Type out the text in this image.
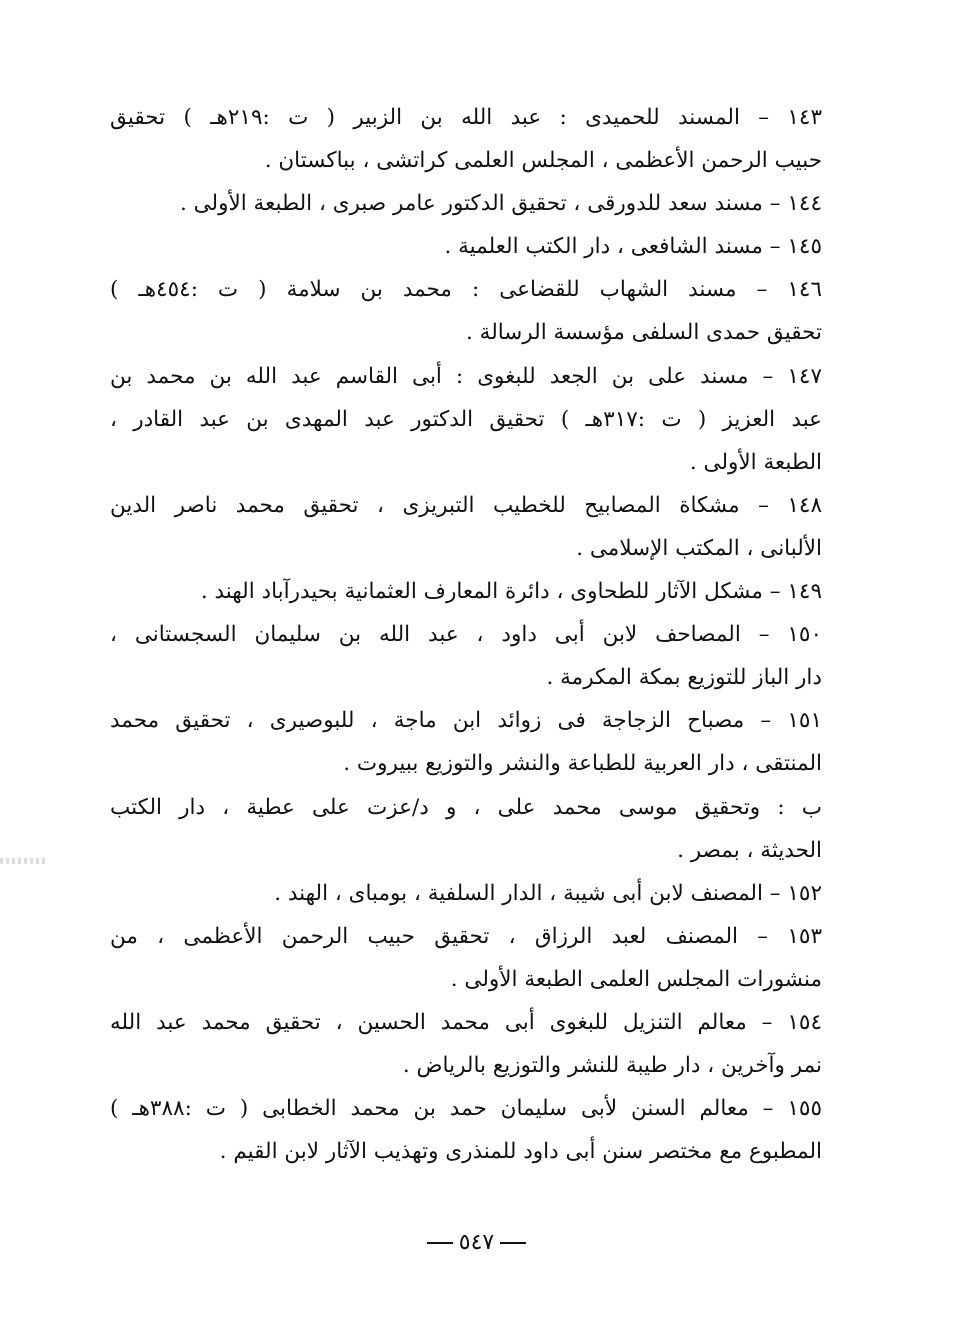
١٤٣ – المسند للحميدى : عبد الله بن الزبير ( ت :٢١٩هـ ) تحقيق
حبيب الرحمن الأعظمى ، المجلس العلمى كراتشى ، بباكستان .
١٤٤ – مسند سعد للدورقى ، تحقيق الدكتور عامر صبرى ، الطبعة الأولى .
١٤٥ – مسند الشافعى ، دار الكتب العلمية .
١٤٦ – مسند الشهاب للقضاعى : محمد بن سلامة ( ت :٤٥٤هـ )
تحقيق حمدى السلفى مؤسسة الرسالة .
١٤٧ – مسند على بن الجعد للبغوى : أبى القاسم عبد الله بن محمد بن
عبد العزيز ( ت :٣١٧هـ ) تحقيق الدكتور عبد المهدى بن عبد القادر ،
الطبعة الأولى .
١٤٨ – مشكاة المصابيح للخطيب التبريزى ، تحقيق محمد ناصر الدين
الألبانى ، المكتب الإسلامى .
١٤٩ – مشكل الآثار للطحاوى ، دائرة المعارف العثمانية بحيدرآباد الهند .
١٥٠ – المصاحف لابن أبى داود ، عبد الله بن سليمان السجستانى ،
دار الباز للتوزيع بمكة المكرمة .
١٥١ – مصباح الزجاجة فى زوائد ابن ماجة ، للبوصيرى ، تحقيق محمد
المنتقى ، دار العربية للطباعة والنشر والتوزيع ببيروت .
ب : وتحقيق موسى محمد على ، و د/عزت على عطية ، دار الكتب
الحديثة ، بمصر .
١٥٢ – المصنف لابن أبى شيبة ، الدار السلفية ، بومباى ، الهند .
١٥٣ – المصنف لعبد الرزاق ، تحقيق حبيب الرحمن الأعظمى ، من
منشورات المجلس العلمى الطبعة الأولى .
١٥٤ – معالم التنزيل للبغوى أبى محمد الحسين ، تحقيق محمد عبد الله
نمر وآخرين ، دار طيبة للنشر والتوزيع بالرياض .
١٥٥ – معالم السنن لأبى سليمان حمد بن محمد الخطابى ( ت :٣٨٨هـ )
المطبوع مع مختصر سنن أبى داود للمنذرى وتهذيب الآثار لابن القيم .
٥٤٧
